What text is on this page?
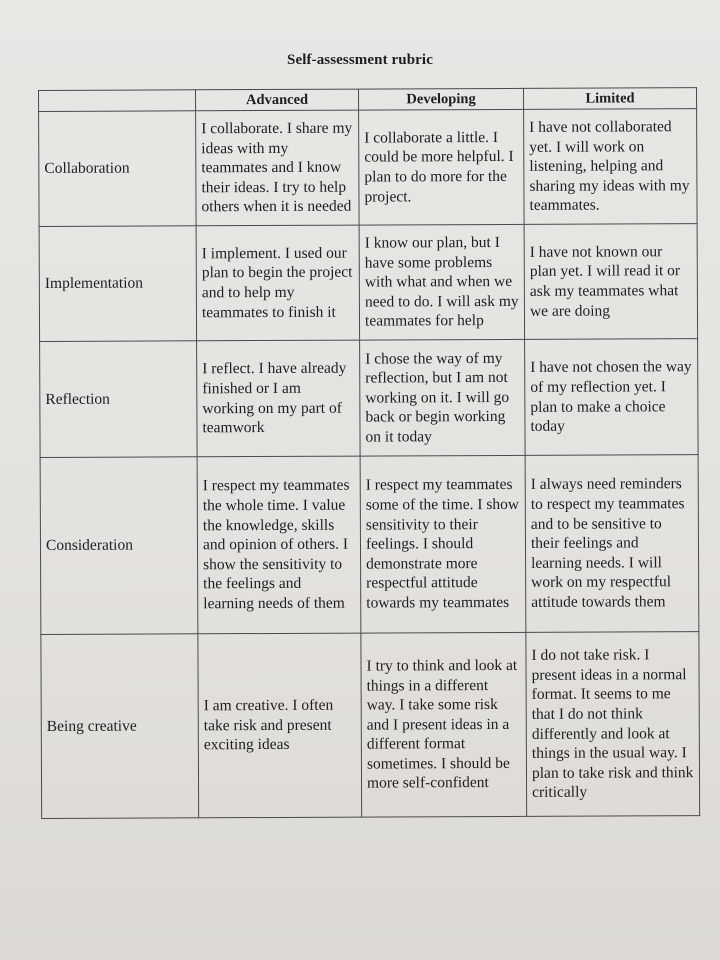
Self-assessment rubric
	Advanced	Developing	Limited
Collaboration	I collaborate. I share my ideas with my teammates and I know their ideas. I try to help others when it is needed	I collaborate a little. I could be more helpful. I plan to do more for the project.	I have not collaborated yet. I will work on listening, helping and sharing my ideas with my teammates.
Implementation	I implement. I used our plan to begin the project and to help my teammates to finish it	I know our plan, but I have some problems with what and when we need to do. I will ask my teammates for help	I have not known our plan yet. I will read it or ask my teammates what we are doing
Reflection	I reflect. I have already finished or I am working on my part of teamwork	I chose the way of my reflection, but I am not working on it. I will go back or begin working on it today	I have not chosen the way of my reflection yet. I plan to make a choice today
Consideration	I respect my teammates the whole time. I value the knowledge, skills and opinion of others. I show the sensitivity to the feelings and learning needs of them	I respect my teammates some of the time. I show sensitivity to their feelings. I should demonstrate more respectful attitude towards my teammates	I always need reminders to respect my teammates and to be sensitive to their feelings and learning needs. I will work on my respectful attitude towards them
Being creative	I am creative. I often take risk and present exciting ideas	I try to think and look at things in a different way. I take some risk and I present ideas in a different format sometimes. I should be more self-confident	I do not take risk. I present ideas in a normal format. It seems to me that I do not think differently and look at things in the usual way. I plan to take risk and think critically
